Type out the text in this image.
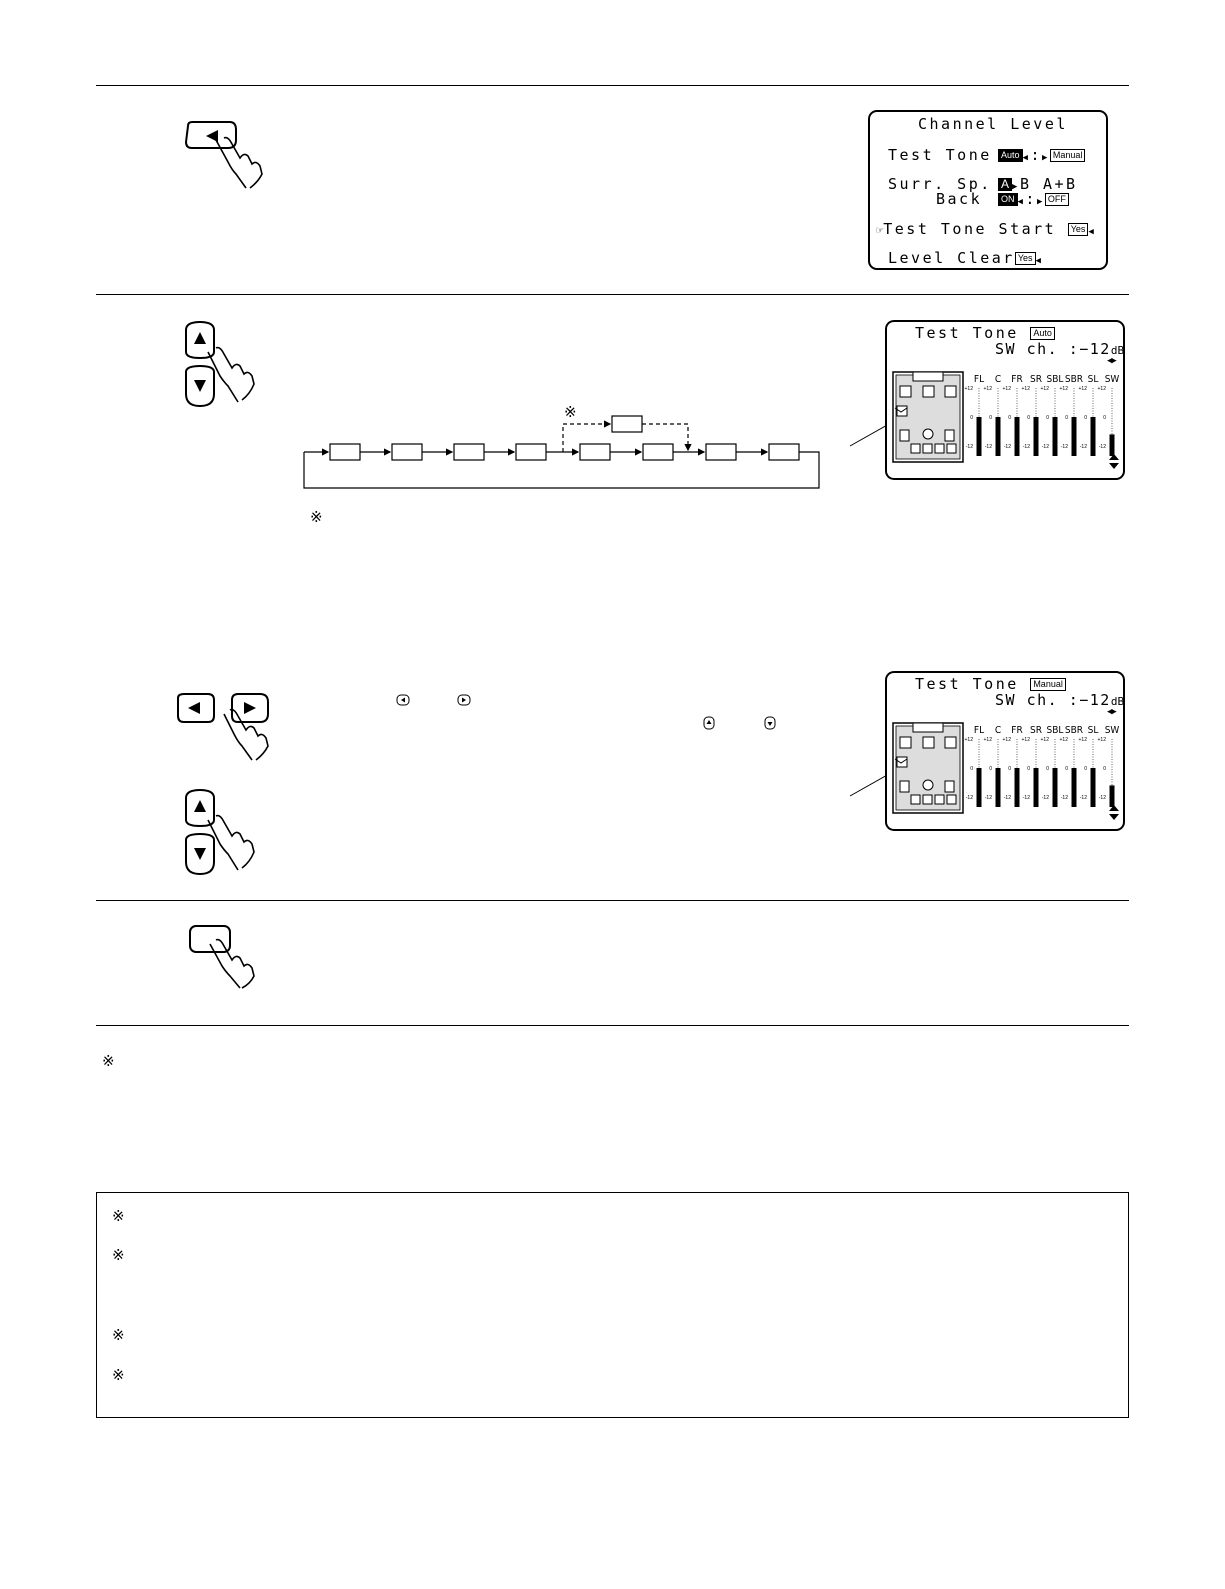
Channel Level
Test Tone	Auto ◀:▶ Manual
Surr. Sp. A ▶B A+B
Back	ON ◀:▶ OFF
☞Test Tone Start Yes ◀
Level Clear Yes ◀
※
※
Test Tone Auto
SW ch. :−12dB
◀▶
FL
+12
0
-12
C
+12
0
-12
FR
+12
0
-12
SR
+12
0
-12
SBL
+12
0
-12
SBR
+12
0
-12
SL
+12
0
-12
SW
+12
0
-12
Test Tone Manual
SW ch. :−12dB
◀▶
FL
+12
0
-12
C
+12
0
-12
FR
+12
0
-12
SR
+12
0
-12
SBL
+12
0
-12
SBR
+12
0
-12
SL
+12
0
-12
SW
+12
0
-12
※
※
※
※
※
